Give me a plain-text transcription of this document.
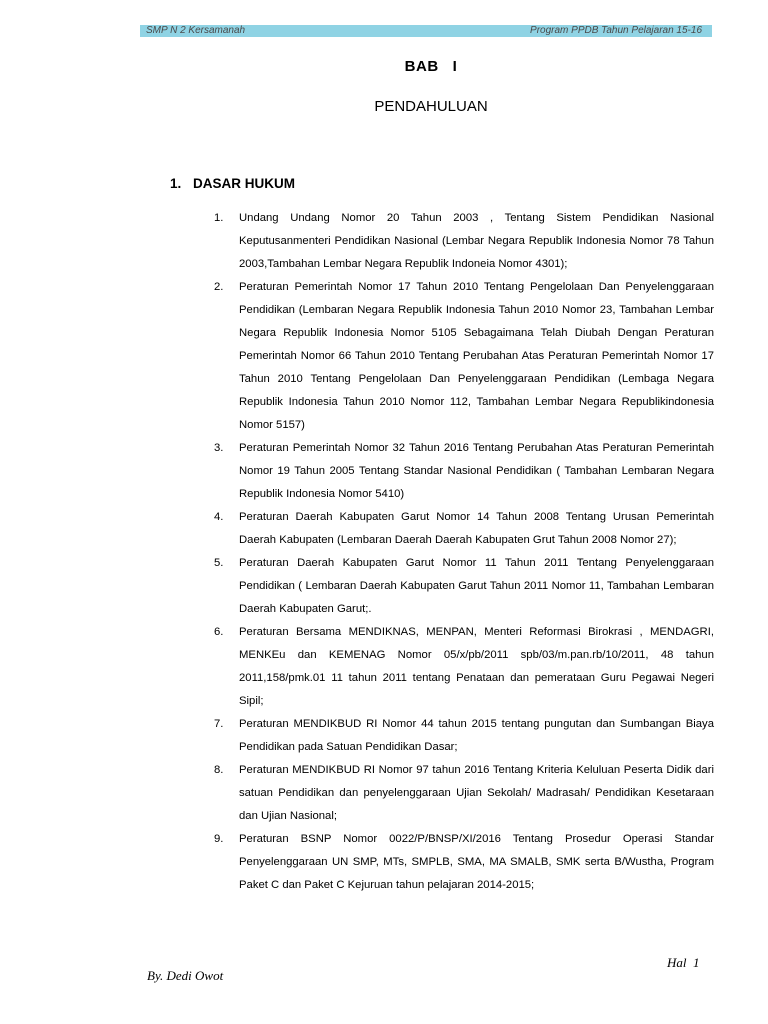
SMP N 2 Kersamanah	Program PPDB Tahun Pelajaran 15-16
BAB   I
PENDAHULUAN
1. DASAR HUKUM
1. Undang Undang Nomor 20 Tahun 2003 , Tentang Sistem Pendidikan Nasional Keputusanmenteri Pendidikan Nasional (Lembar Negara Republik Indonesia Nomor 78 Tahun 2003,Tambahan Lembar Negara Republik Indoneia Nomor 4301);
2. Peraturan Pemerintah Nomor 17 Tahun 2010 Tentang Pengelolaan Dan Penyelenggaraan Pendidikan (Lembaran Negara Republik Indonesia Tahun 2010 Nomor 23, Tambahan Lembar Negara Republik Indonesia Nomor 5105 Sebagaimana Telah Diubah Dengan Peraturan Pemerintah Nomor 66 Tahun 2010 Tentang Perubahan Atas Peraturan Pemerintah Nomor 17 Tahun 2010 Tentang Pengelolaan Dan Penyelenggaraan Pendidikan (Lembaga Negara Republik Indonesia Tahun 2010 Nomor 112, Tambahan Lembar Negara Republikindonesia Nomor 5157)
3. Peraturan Pemerintah Nomor 32 Tahun 2016 Tentang Perubahan Atas Peraturan Pemerintah Nomor 19 Tahun 2005 Tentang Standar Nasional Pendidikan ( Tambahan Lembaran Negara Republik Indonesia Nomor 5410)
4. Peraturan Daerah Kabupaten Garut Nomor 14 Tahun 2008 Tentang Urusan Pemerintah Daerah Kabupaten (Lembaran Daerah Daerah Kabupaten Grut Tahun 2008 Nomor 27);
5. Peraturan Daerah Kabupaten Garut Nomor 11 Tahun 2011 Tentang Penyelenggaraan Pendidikan ( Lembaran Daerah Kabupaten Garut Tahun 2011 Nomor 11, Tambahan Lembaran Daerah Kabupaten Garut;.
6. Peraturan Bersama MENDIKNAS, MENPAN, Menteri Reformasi Birokrasi , MENDAGRI, MENKEu dan KEMENAG Nomor 05/x/pb/2011 spb/03/m.pan.rb/10/2011, 48 tahun 2011,158/pmk.01 11 tahun 2011 tentang Penataan dan pemerataan Guru Pegawai Negeri Sipil;
7. Peraturan MENDIKBUD RI Nomor 44 tahun 2015 tentang pungutan dan Sumbangan Biaya Pendidikan pada Satuan Pendidikan Dasar;
8. Peraturan MENDIKBUD RI Nomor 97 tahun 2016 Tentang Kriteria Keluluan Peserta Didik dari satuan Pendidikan dan penyelenggaraan Ujian Sekolah/ Madrasah/ Pendidikan Kesetaraan dan Ujian Nasional;
9. Peraturan BSNP Nomor 0022/P/BNSP/XI/2016 Tentang Prosedur Operasi Standar Penyelenggaraan UN SMP, MTs, SMPLB, SMA, MA SMALB, SMK serta B/Wustha, Program Paket C dan Paket C Kejuruan tahun pelajaran 2014-2015;
By. Dedi Owot
Hal  1
